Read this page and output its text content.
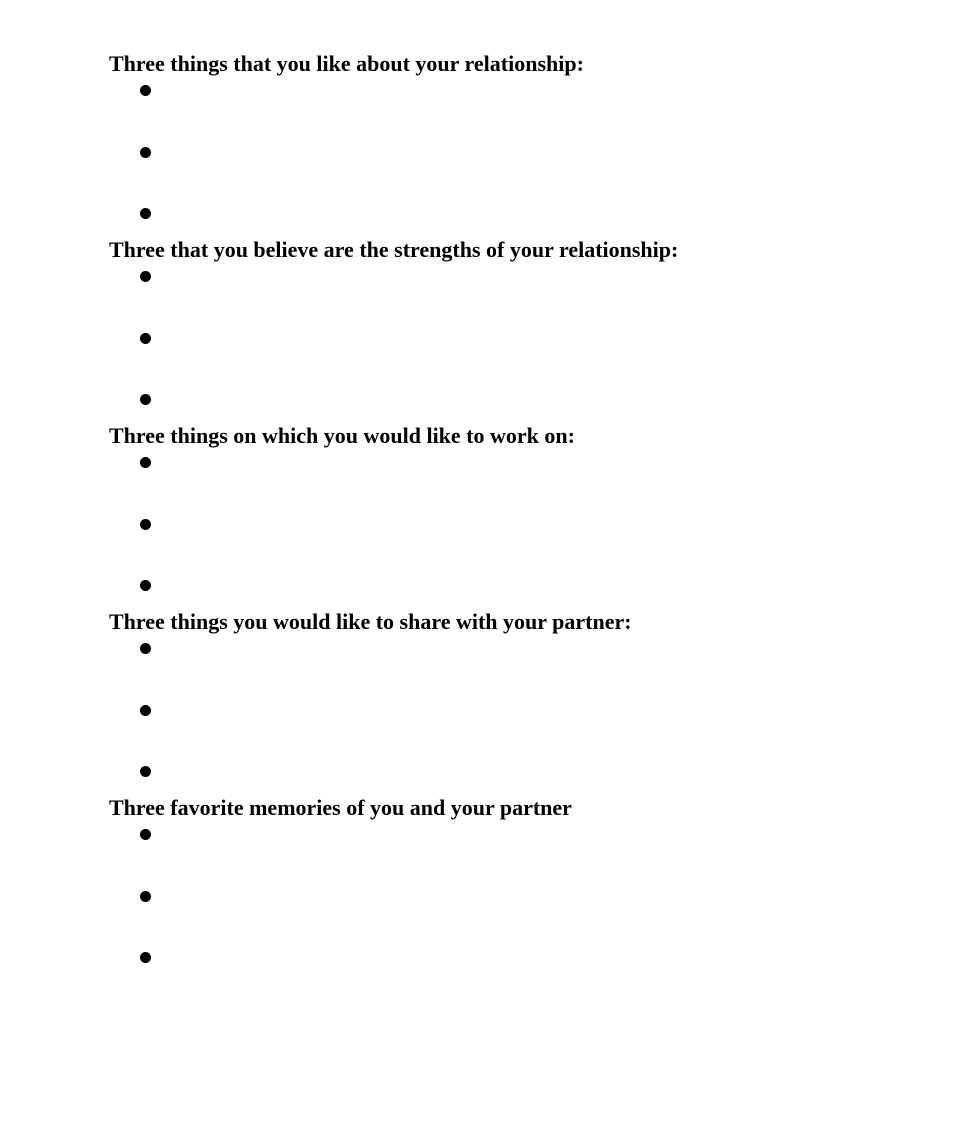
Three things that you like about your relationship:
Three that you believe are the strengths of your relationship:
Three things on which you would like to work on:
Three things you would like to share with your partner:
Three favorite memories of you and your partner
